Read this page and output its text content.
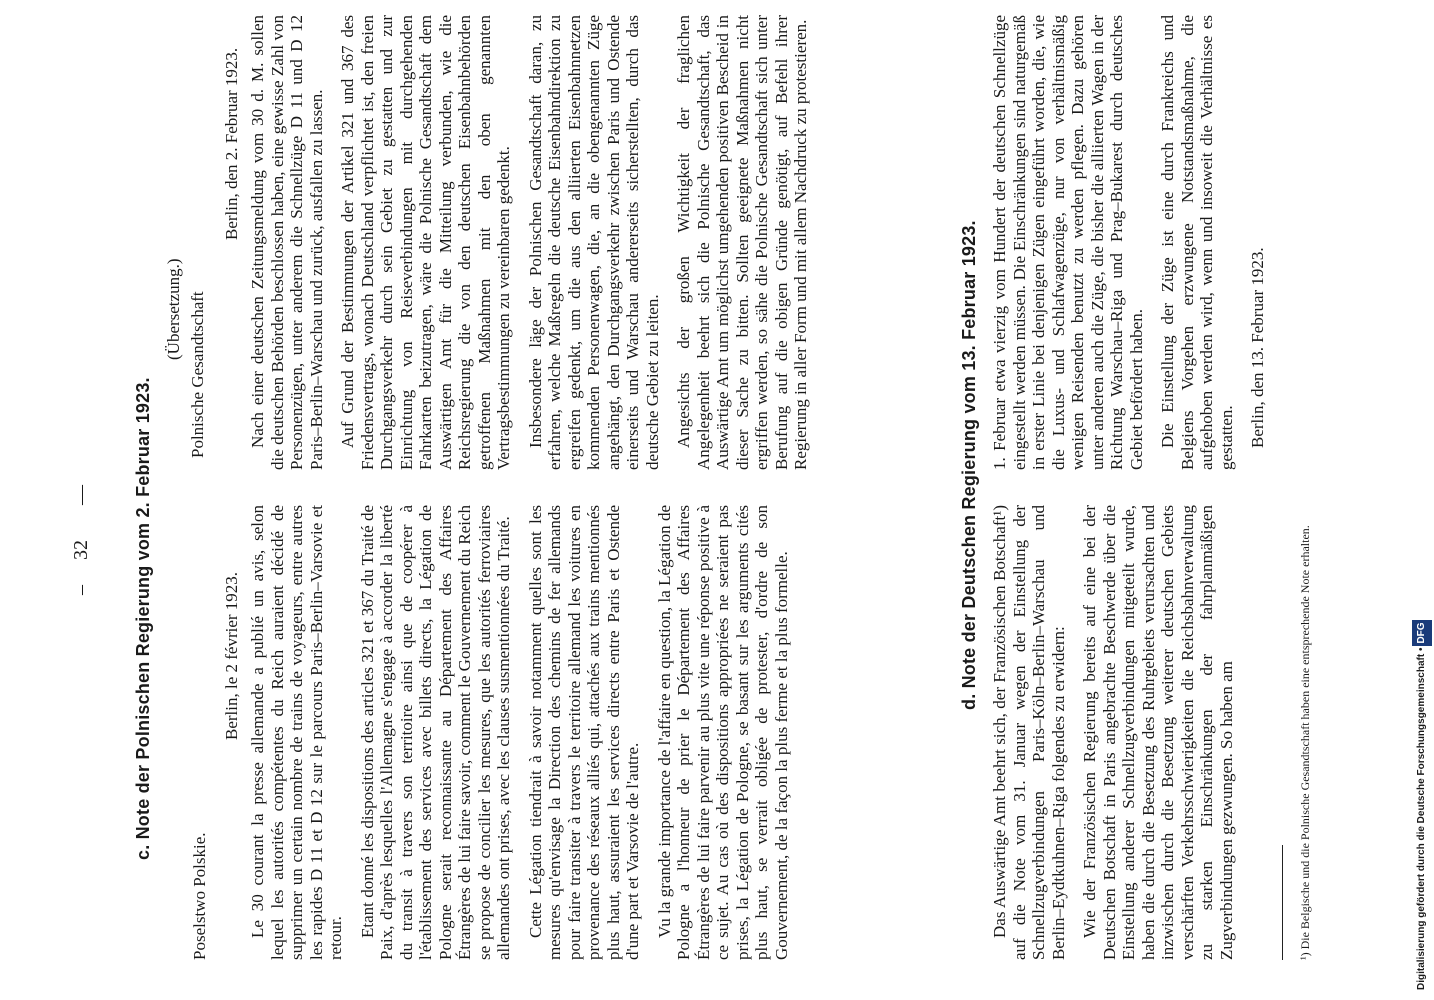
32
–
— c. Note der Polnischen Regierung vom 2. Februar 1923.
(Übersetzung.)
Poselstwo Polskie.
Polnische Gesandtschaft
Berlin, le 2 février 1923.
Berlin, den 2. Februar 1923.

Le 30 courant la presse allemande a publié un avis, selon lequel les autorités compétentes du Reich auraient décidé de supprimer un certain nombre de trains de voyageurs, entre autres les rapides D 11 et D 12 sur le parcours Paris–Berlin–Varsovie et retour.

Etant donné les dispositions des articles 321 et 367 du Traité de Paix, d'après lesquelles l'Allemagne s'engage à accorder la liberté du transit à travers son territoire ainsi que de coopérer à l'établissement des services avec billets directs, la Légation de Pologne serait reconnaissante au Département des Affaires Étrangères de lui faire savoir, comment le Gouvernement du Reich se propose de concilier les mesures, que les autorités ferroviaires allemandes ont prises, avec les clauses susmentionnées du Traité. Cette Légation tiendrait à savoir notamment quelles sont les mesures qu'envisage la Direction des chemins de fer allemands pour faire transiter à travers le territoire allemand les voitures en provenance des réseaux alliés qui, attachés aux trains mentionnés plus haut, assuraient les services directs entre Paris et Ostende d'une part et Varsovie de l'autre. Vu la grande importance de l'affaire en question, la Légation de Pologne a l'honneur de prier le Département des Affaires Étrangères de lui faire parvenir au plus vite une réponse positive à ce sujet. Au cas où des dispositions appropriées ne seraient pas prises, la Légation de Pologne, se basant sur les arguments cités plus haut, se verrait obligée de protester, d'ordre de son Gouvernement, de la façon la plus ferme et la plus formelle.

Nach einer deutschen Zeitungsmeldung vom 30 d. M. sollen die deutschen Behörden beschlossen haben, eine gewisse Zahl von Personenzügen, unter anderem die Schnellzüge D 11 und D 12 Paris–Berlin–Warschau und zurück, ausfallen zu lassen. Auf Grund der Bestimmungen der Artikel 321 und 367 des Friedensvertrags, wonach Deutschland verpflichtet ist, den freien Durchgangsverkehr durch sein Gebiet zu gestatten und zur Einrichtung von Reiseverbindungen mit durchgehenden Fahrkarten beizutragen, wäre die Polnische Gesandtschaft dem Auswärtigen Amt für die Mitteilung verbunden, wie die Reichsregierung die von den deutschen Eisenbahnbehörden getroffenen Maßnahmen mit den oben genannten Vertragsbestimmungen zu vereinbaren gedenkt. Insbesondere läge der Polnischen Gesandtschaft daran, zu erfahren, welche Maßregeln die deutsche Eisenbahndirektion zu ergreifen gedenkt, um die aus den alliierten Eisenbahnnetzen kommenden Personenwagen, die, an die obengenannten Züge angehängt, den Durchgangsverkehr zwischen Paris und Ostende einerseits und Warschau andererseits sicherstellten, durch das deutsche Gebiet zu leiten. Angesichts der großen Wichtigkeit der fraglichen Angelegenheit beehrt sich die Polnische Gesandtschaft, das Auswärtige Amt um möglichst umgehenden positiven Bescheid in dieser Sache zu bitten. Sollten geeignete Maßnahmen nicht ergriffen werden, so sähe die Polnische Gesandtschaft sich unter Berufung auf die obigen Gründe genötigt, auf Befehl ihrer Regierung in aller Form und mit allem Nachdruck zu protestieren.	d. Note der Deutschen Regierung vom 13. Februar 1923.

Das Auswärtige Amt beehrt sich, der Französischen Botschaft¹) auf die Note vom 31. Januar wegen der Einstellung der Schnellzugverbindungen Paris–Köln–Berlin–Warschau und Berlin–Eydtkuhnen–Riga folgendes zu erwidern: Wie der Französischen Regierung bereits auf eine bei der Deutschen Botschaft in Paris angebrachte Beschwerde über die Einstellung anderer Schnellzugverbindungen mitgeteilt wurde, haben die durch die Besetzung des Ruhrgebiets verursachten und inzwischen durch die Besetzung weiterer deutschen Gebiets verschärften Verkehrsschwierigkeiten die Reichsbahnverwaltung zu starken Einschränkungen der fahrplanmäßigen Zugverbindungen gezwungen. So haben am

1. Februar etwa vierzig vom Hundert der deutschen Schnellzüge eingestellt werden müssen. Die Einschränkungen sind naturgemäß in erster Linie bei denjenigen Zügen eingeführt worden, die, wie die Luxus- und Schlafwagenzüge, nur von verhältnismäßig wenigen Reisenden benutzt zu werden pflegen. Dazu gehören unter anderen auch die Züge, die bisher die alliierten Wagen in der Richtung Warschau–Riga und Prag–Bukarest durch deutsches Gebiet befördert haben. Die Einstellung der Züge ist eine durch Frankreichs und Belgiens Vorgehen erzwungene Notstandsmaßnahme, die aufgehoben werden wird, wenn und insoweit die Verhältnisse es gestatten. Berlin, den 13. Februar 1923.

¹) Die Belgische und die Polnische Gesandtschaft haben eine entsprechende Note erhalten.	Digitalisierung gefördert durch die Deutsche Forschungsgemeinschaft •DFG
